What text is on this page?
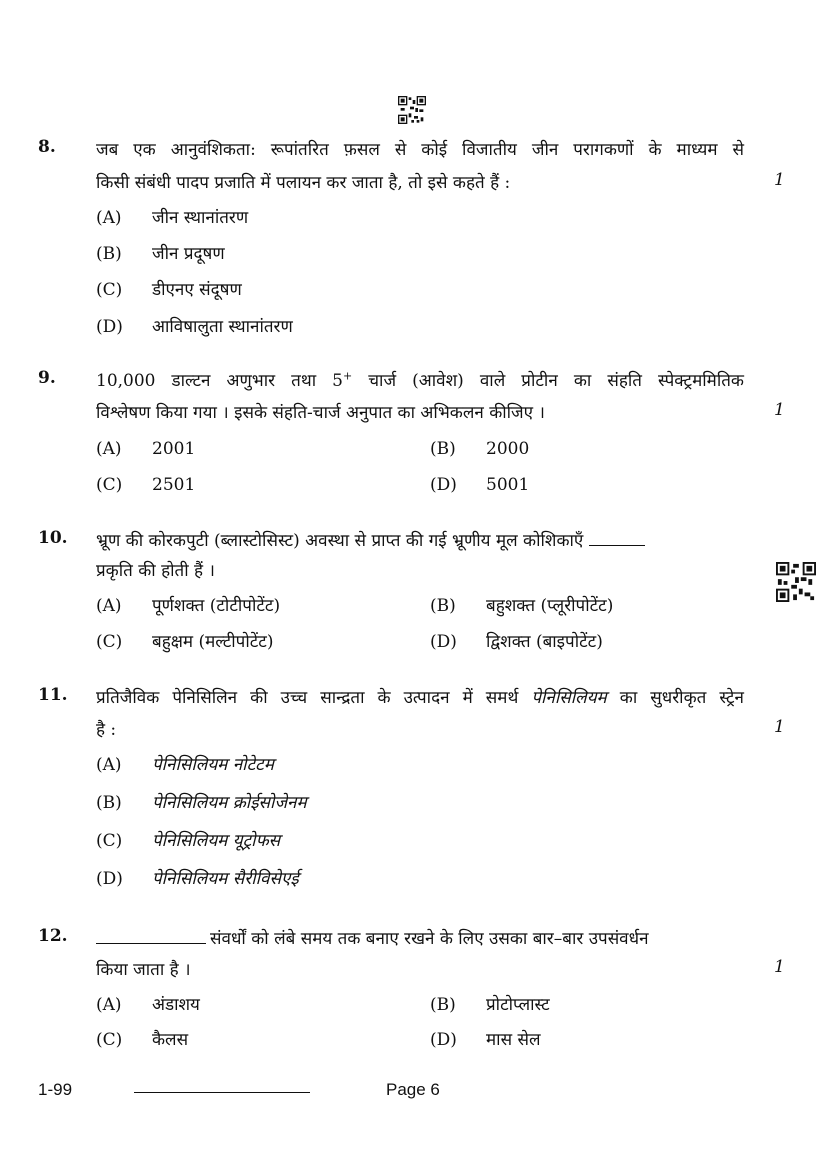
8. जब एक आनुवंशिकता: रूपांतरित फ़सल से कोई विजातीय जीन परागकणों के माध्यम से
किसी संबंधी पादप प्रजाति में पलायन कर जाता है, तो इसे कहते हैं :	1
(A) जीन स्थानांतरण
(B) जीन प्रदूषण
(C) डीएनए संदूषण
(D) आविषालुता स्थानांतरण
9. 10,000 डाल्टन अणुभार तथा 5+ चार्ज (आवेश) वाले प्रोटीन का संहति स्पेक्ट्रममितिक
विश्लेषण किया गया । इसके संहति-चार्ज अनुपात का अभिकलन कीजिए ।	1
(A) 2001	(B) 2000
(C) 2501	(D) 5001
10. भ्रूण की कोरकपुटी (ब्लास्टोसिस्ट) अवस्था से प्राप्त की गई भ्रूणीय मूल कोशिकाएँ
प्रकृति की होती हैं ।
(A) पूर्णशक्त (टोटीपोटेंट)	(B) बहुशक्त (प्लूरीपोटेंट)
(C) बहुक्षम (मल्टीपोटेंट)	(D) द्विशक्त (बाइपोटेंट)
11. प्रतिजैविक पेनिसिलिन की उच्च सान्द्रता के उत्पादन में समर्थ पेनिसिलियम का सुधरीकृत स्ट्रेन
है :	1
(A) पेनिसिलियम नोटेटम
(B) पेनिसिलियम क्रोईसोजेनम
(C) पेनिसिलियम यूट्रोफस
(D) पेनिसिलियम सैरीविसेएई
12.	संवर्धों को लंबे समय तक बनाए रखने के लिए उसका बार–बार उपसंवर्धन
किया जाता है ।	1
(A) अंडाशय	(B) प्रोटोप्लास्ट
(C) कैलस	(D) मास सेल
1-99	Page 6
